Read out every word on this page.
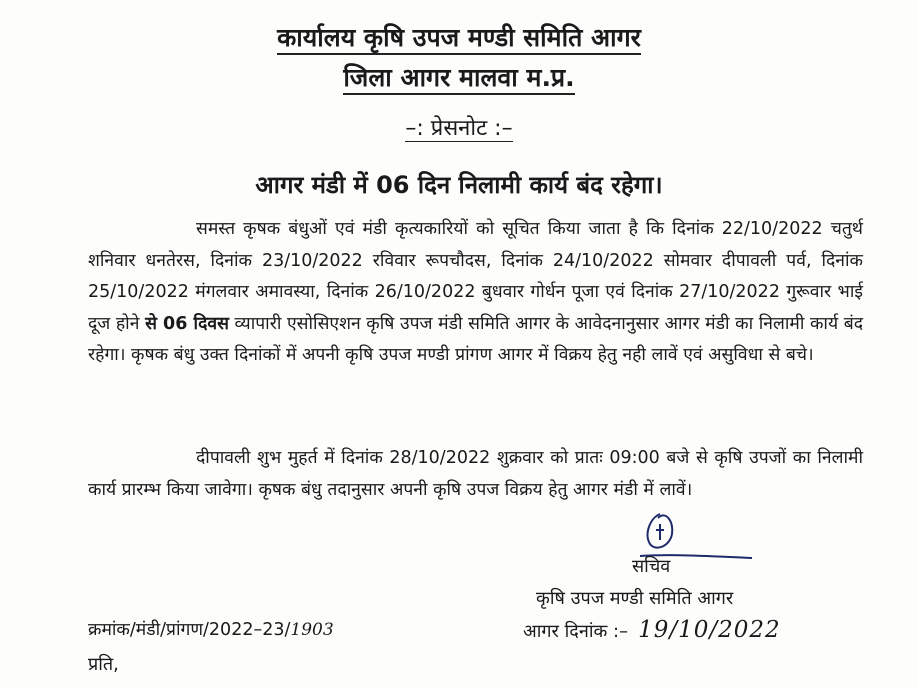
कार्यालय कृषि उपज मण्डी समिति आगर
जिला आगर मालवा म.प्र.
–: प्रेसनोट :–
आगर मंडी में 06 दिन निलामी कार्य बंद रहेगा।
समस्त कृषक बंधुओं एवं मंडी कृत्यकारियों को सूचित किया जाता है कि दिनांक 22/10/2022 चतुर्थ शनिवार धनतेरस, दिनांक 23/10/2022 रविवार रूपचौदस, दिनांक 24/10/2022 सोमवार दीपावली पर्व, दिनांक 25/10/2022 मंगलवार अमावस्या, दिनांक 26/10/2022 बुधवार गोर्धन पूजा एवं दिनांक 27/10/2022 गुरूवार भाई दूज होने से 06 दिवस व्यापारी एसोसिएशन कृषि उपज मंडी समिति आगर के आवेदनानुसार आगर मंडी का निलामी कार्य बंद रहेगा। कृषक बंधु उक्त दिनांकों में अपनी कृषि उपज मण्डी प्रांगण आगर में विक्रय हेतु नही लावें एवं असुविधा से बचे।
दीपावली शुभ मुहर्त में दिनांक 28/10/2022 शुक्रवार को प्रातः 09:00 बजे से कृषि उपजों का निलामी कार्य प्रारम्भ किया जावेगा। कृषक बंधु तदानुसार अपनी कृषि उपज विक्रय हेतु आगर मंडी में लावें।
सचिव
कृषि उपज मण्डी समिति आगर
आगर दिनांक :– 19/10/2022
क्रमांक/मंडी/प्रांगण/2022–23/1903
प्रति,
